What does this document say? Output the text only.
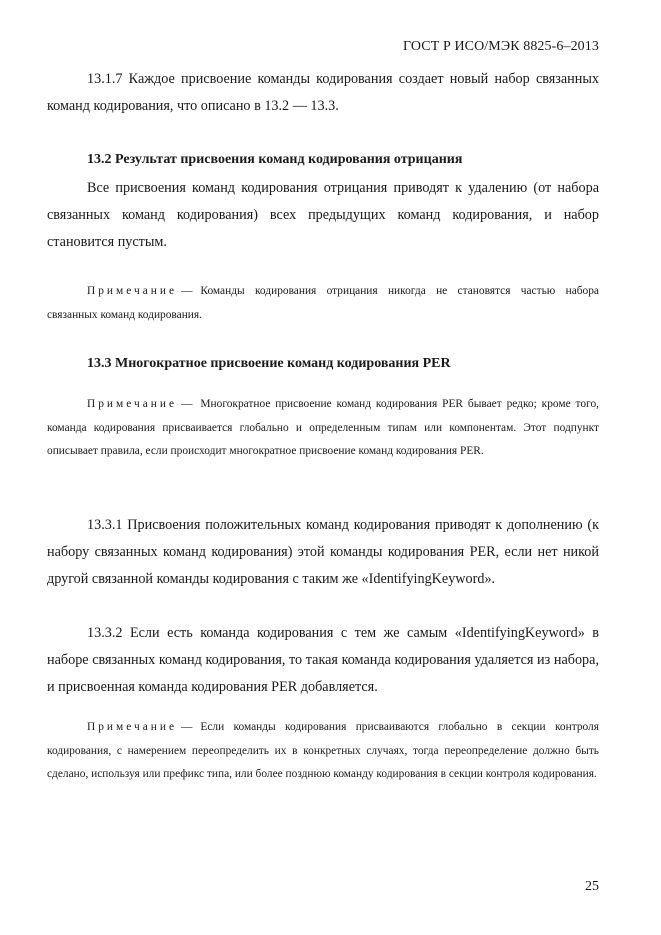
ГОСТ Р ИСО/МЭК 8825-6–2013

13.1.7 Каждое присвоение команды кодирования создает новый набор связанных команд кодирования, что описано в 13.2 — 13.3.

13.2 Результат присвоения команд кодирования отрицания

Все присвоения команд кодирования отрицания приводят к удалению (от набора связанных команд кодирования) всех предыдущих команд кодирования, и набор становится пустым.

Примечание — Команды кодирования отрицания никогда не становятся частью набора связанных команд кодирования.

13.3 Многократное присвоение команд кодирования PER

Примечание — Многократное присвоение команд кодирования PER бывает редко; кроме того, команда кодирования присваивается глобально и определенным типам или компонентам. Этот подпункт описывает правила, если происходит многократное присвоение команд кодирования PER.

13.3.1 Присвоения положительных команд кодирования приводят к дополнению (к набору связанных команд кодирования) этой команды кодирования PER, если нет никой другой связанной команды кодирования с таким же «IdentifyingKeyword».

13.3.2 Если есть команда кодирования с тем же самым «IdentifyingKeyword» в наборе связанных команд кодирования, то такая команда кодирования удаляется из набора, и присвоенная команда кодирования PER добавляется.

Примечание — Если команды кодирования присваиваются глобально в секции контроля кодирования, с намерением переопределить их в конкретных случаях, тогда переопределение должно быть сделано, используя или префикс типа, или более позднюю команду кодирования в секции контроля кодирования.

25
